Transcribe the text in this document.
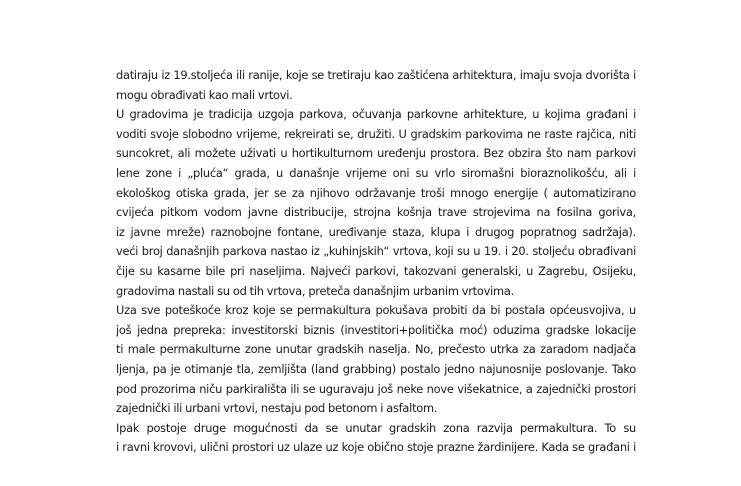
datiraju iz 19.stoljeća ili ranije, koje se tretiraju kao zaštićena arhitektura, imaju svoja dvorišta i
mogu obrađivati kao mali vrtovi.
U gradovima je tradicija uzgoja parkova, očuvanja parkovne arhitekture, u kojima građani i
voditi svoje slobodno vrijeme, rekreirati se, družiti. U gradskim parkovima ne raste rajčica, niti
suncokret, ali možete uživati u hortikulturnom uređenju prostora. Bez obzira što nam parkovi
lene zone i „pluća“ grada, u današnje vrijeme oni su vrlo siromašni bioraznolikošću, ali i
ekološkog otiska grada, jer se za njihovo održavanje troši mnogo energije ( automatizirano
cvijeća pitkom vodom javne distribucije, strojna košnja trave strojevima na fosilna goriva,
iz javne mreže) raznobojne fontane, uređivanje staza, klupa i drugog popratnog sadržaja).
veći broj današnjih parkova nastao iz „kuhinjskih“ vrtova, koji su u 19. i 20. stoljeću obrađivani
čije su kasarne bile pri naseljima. Najveći parkovi, takozvani generalski, u Zagrebu, Osijeku,
gradovima nastali su od tih vrtova, preteča današnjim urbanim vrtovima.
Uza sve poteškoće kroz koje se permakultura pokušava probiti da bi postala općeusvojiva, u
još jedna prepreka: investitorski biznis (investitori+politička moć) oduzima gradske lokacije
ti male permakulturne zone unutar gradskih naselja. No, prečesto utrka za zaradom nadjača
ljenja, pa je otimanje tla, zemljišta (land grabbing) postalo jedno najunosnije poslovanje. Tako
pod prozorima niču parkirališta ili se uguravaju još neke nove višekatnice, a zajednički prostori
zajednički ili urbani vrtovi, nestaju pod betonom i asfaltom.
Ipak postoje druge mogućnosti da se unutar gradskih zona razvija permakultura. To su
i ravni krovovi, ulični prostori uz ulaze uz koje obično stoje prazne žardinijere. Kada se građani i
